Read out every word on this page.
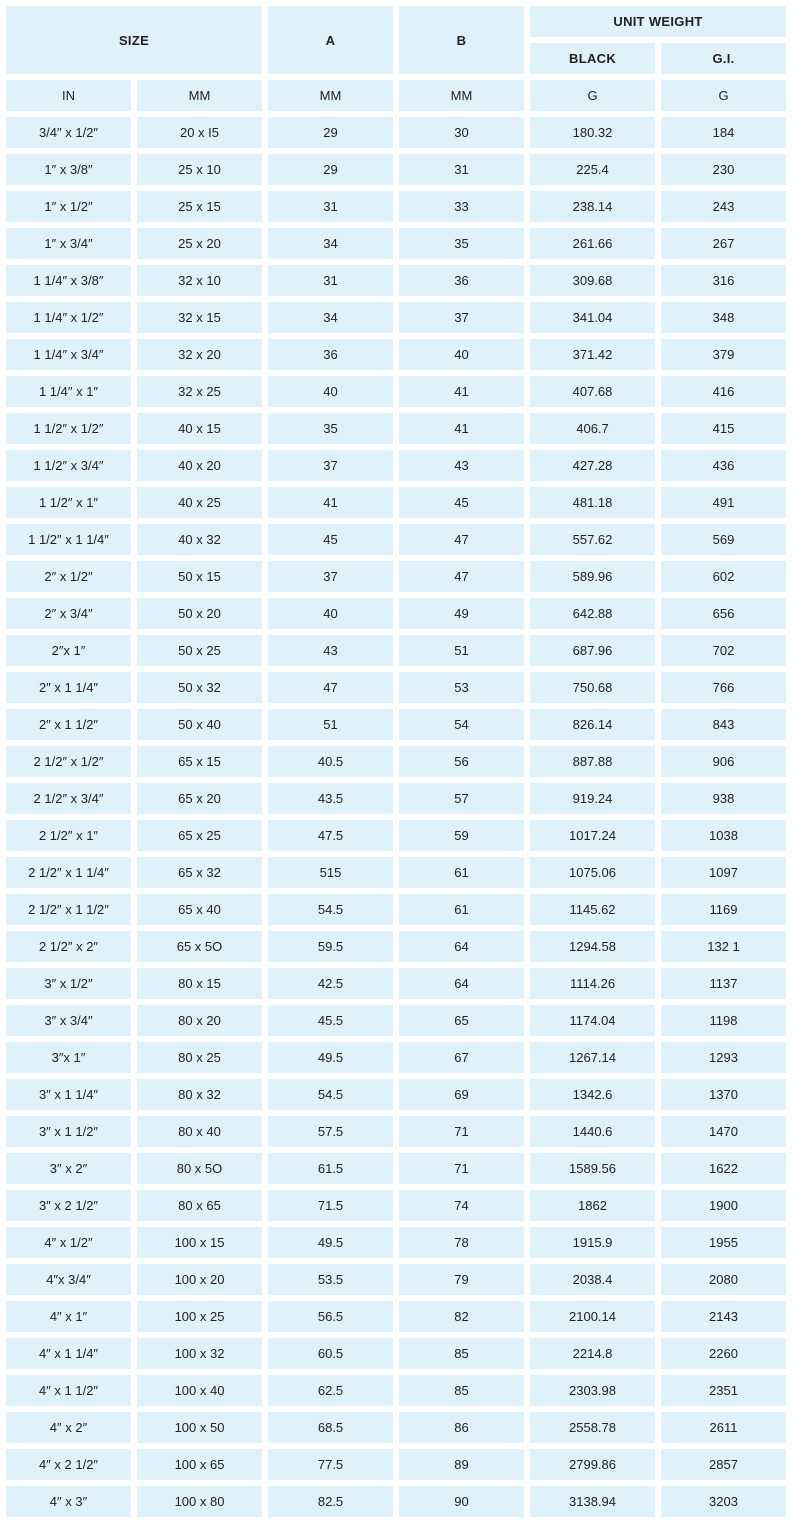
SIZE		A	B	UNIT WEIGHT	
				BLACK	G.I.
IN	MM	MM	MM	G	G
3/4″ x 1/2″	20 x I5	29	30	180.32	184
1″ x 3/8″	25 x 10	29	31	225.4	230
1″ x 1/2″	25 x 15	31	33	238.14	243
1″ x 3/4″	25 x 20	34	35	261.66	267
1 1/4″ x 3/8″	32 x 10	31	36	309.68	316
1 1/4″ x 1/2″	32 x 15	34	37	341.04	348
1 1/4″ x 3/4″	32 x 20	36	40	371.42	379
1 1/4″ x 1″	32 x 25	40	41	407.68	416
1 1/2″ x 1/2″	40 x 15	35	41	406.7	415
1 1/2″ x 3/4″	40 x 20	37	43	427.28	436
1 1/2″ x 1″	40 x 25	41	45	481.18	491
1 1/2″ x 1 1/4″	40 x 32	45	47	557.62	569
2″ x 1/2″	50 x 15	37	47	589.96	602
2″ x 3/4″	50 x 20	40	49	642.88	656
2″x 1″	50 x 25	43	51	687.96	702
2″ x 1 1/4″	50 x 32	47	53	750.68	766
2″ x 1 1/2″	50 x 40	51	54	826.14	843
2 1/2″ x 1/2″	65 x 15	40.5	56	887.88	906
2 1/2″ x 3/4″	65 x 20	43.5	57	919.24	938
2 1/2″ x 1″	65 x 25	47.5	59	1017.24	1038
2 1/2″ x 1 1/4″	65 x 32	515	61	1075.06	1097
2 1/2″ x 1 1/2″	65 x 40	54.5	61	1145.62	1169
2 1/2″ x 2″	65 x 5O	59.5	64	1294.58	132 1
3″ x 1/2″	80 x 15	42.5	64	1114.26	1137
3″ x 3/4″	80 x 20	45.5	65	1174.04	1198
3″x 1″	80 x 25	49.5	67	1267.14	1293
3″ x 1 1/4″	80 x 32	54.5	69	1342.6	1370
3″ x 1 1/2″	80 x 40	57.5	71	1440.6	1470
3″ x 2″	80 x 5O	61.5	71	1589.56	1622
3″ x 2 1/2″	80 x 65	71.5	74	1862	1900
4″ x 1/2″	100 x 15	49.5	78	1915.9	1955
4″x 3/4″	100 x 20	53.5	79	2038.4	2080
4″ x 1″	100 x 25	56.5	82	2100.14	2143
4″ x 1 1/4″	100 x 32	60.5	85	2214.8	2260
4″ x 1 1/2″	100 x 40	62.5	85	2303.98	2351
4″ x 2″	100 x 50	68.5	86	2558.78	2611
4″ x 2 1/2″	100 x 65	77.5	89	2799.86	2857
4″ x 3″	100 x 80	82.5	90	3138.94	3203
